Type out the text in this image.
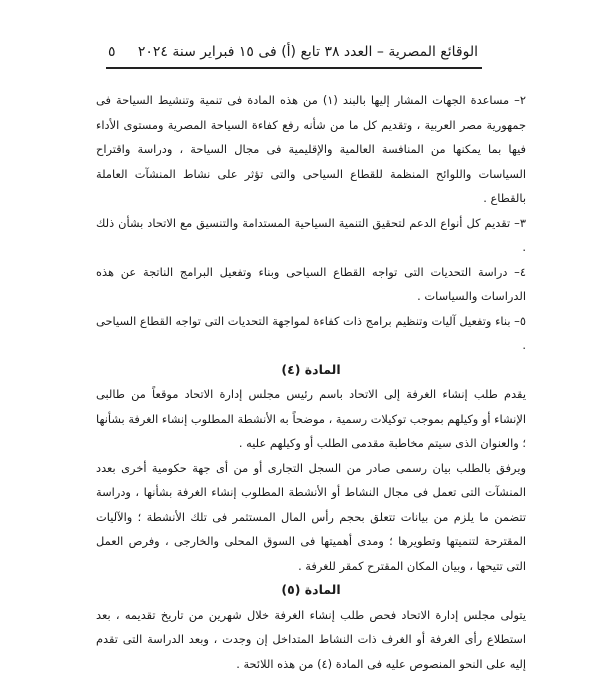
الوقائع المصرية – العدد ٣٨ تابع (أ) فى ١٥ فبراير سنة ٢٠٢٤
٥

٢– مساعدة الجهات المشار إليها بالبند (١) من هذه المادة فى تنمية وتنشيط السياحة فى جمهورية مصر العربية ، وتقديم كل ما من شأنه رفع كفاءة السياحة المصرية ومستوى الأداء فيها بما يمكنها من المنافسة العالمية والإقليمية فى مجال السياحة ، ودراسة واقتراح السياسات واللوائح المنظمة للقطاع السياحى والتى تؤثر على نشاط المنشآت العاملة بالقطاع .

٣– تقديم كل أنواع الدعم لتحقيق التنمية السياحية المستدامة والتنسيق مع الاتحاد بشأن ذلك .

٤– دراسة التحديات التى تواجه القطاع السياحى وبناء وتفعيل البرامج الناتجة عن هذه الدراسات والسياسات .

٥– بناء وتفعيل آليات وتنظيم برامج ذات كفاءة لمواجهة التحديات التى تواجه القطاع السياحى .

المادة (٤)

يقدم طلب إنشاء الغرفة إلى الاتحاد باسم رئيس مجلس إدارة الاتحاد موقعاً من طالبى الإنشاء أو وكيلهم بموجب توكيلات رسمية ، موضحاً به الأنشطة المطلوب إنشاء الغرفة بشأنها ؛ والعنوان الذى سيتم مخاطبة مقدمى الطلب أو وكيلهم عليه .

ويرفق بالطلب بيان رسمى صادر من السجل التجارى أو من أى جهة حكومية أخرى بعدد المنشآت التى تعمل فى مجال النشاط أو الأنشطة المطلوب إنشاء الغرفة بشأنها ، ودراسة تتضمن ما يلزم من بيانات تتعلق بحجم رأس المال المستثمر فى تلك الأنشطة ؛ والآليات المقترحة لتنميتها وتطويرها ؛ ومدى أهميتها فى السوق المحلى والخارجى ، وفرص العمل التى تتيحها ، وبيان المكان المقترح كمقر للغرفة .

المادة (٥)

يتولى مجلس إدارة الاتحاد فحص طلب إنشاء الغرفة خلال شهرين من تاريخ تقديمه ، بعد استطلاع رأى الغرفة أو الغرف ذات النشاط المتداخل إن وجدت ، وبعد الدراسة التى تقدم إليه على النحو المنصوص عليه فى المادة (٤) من هذه اللائحة .
